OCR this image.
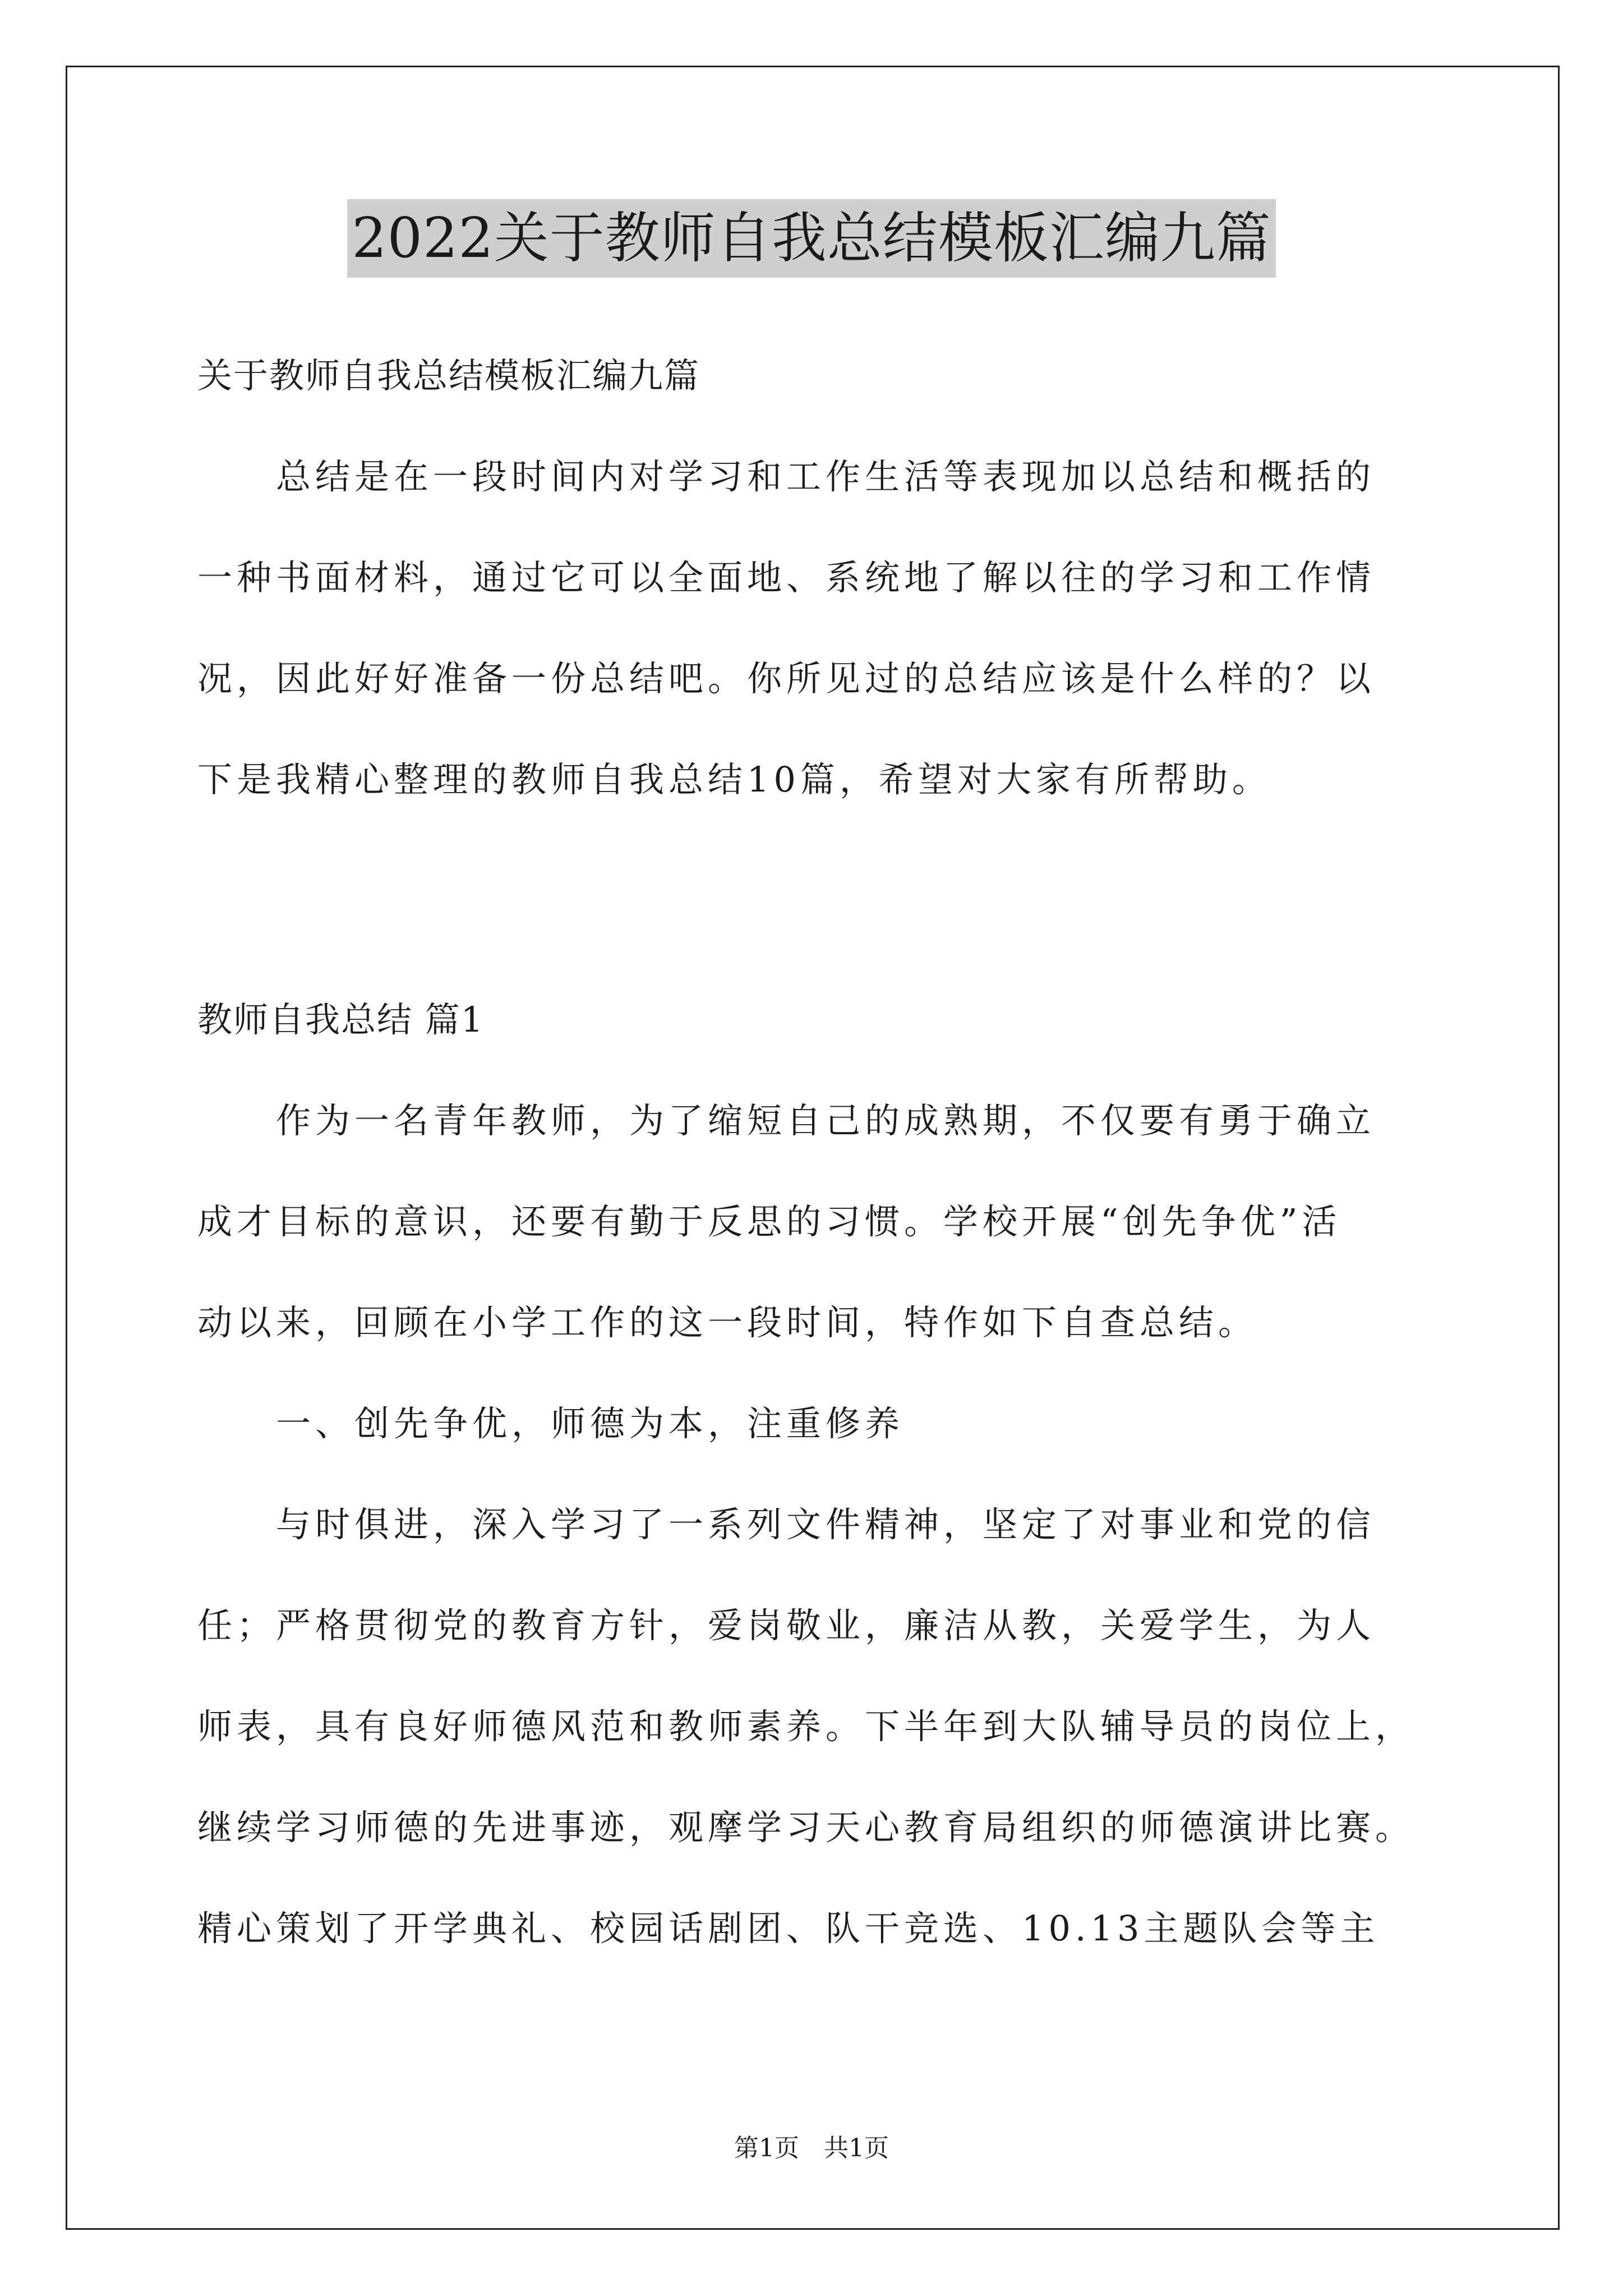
2022关于教师自我总结模板汇编九篇
关于教师自我总结模板汇编九篇
　　总结是在一段时间内对学习和工作生活等表现加以总结和概括的
一种书面材料，通过它可以全面地、系统地了解以往的学习和工作情
况，因此好好准备一份总结吧。你所见过的总结应该是什么样的？以
下是我精心整理的教师自我总结10篇，希望对大家有所帮助。
教师自我总结 篇1
　　作为一名青年教师，为了缩短自己的成熟期，不仅要有勇于确立
成才目标的意识，还要有勤于反思的习惯。学校开展“创先争优”活
动以来，回顾在小学工作的这一段时间，特作如下自查总结。
　　一、创先争优，师德为本，注重修养
　　与时俱进，深入学习了一系列文件精神，坚定了对事业和党的信
任；严格贯彻党的教育方针，爱岗敬业，廉洁从教，关爱学生，为人
师表，具有良好师德风范和教师素养。下半年到大队辅导员的岗位上，
继续学习师德的先进事迹，观摩学习天心教育局组织的师德演讲比赛。
精心策划了开学典礼、校园话剧团、队干竞选、10.13主题队会等主
第1页　共1页
